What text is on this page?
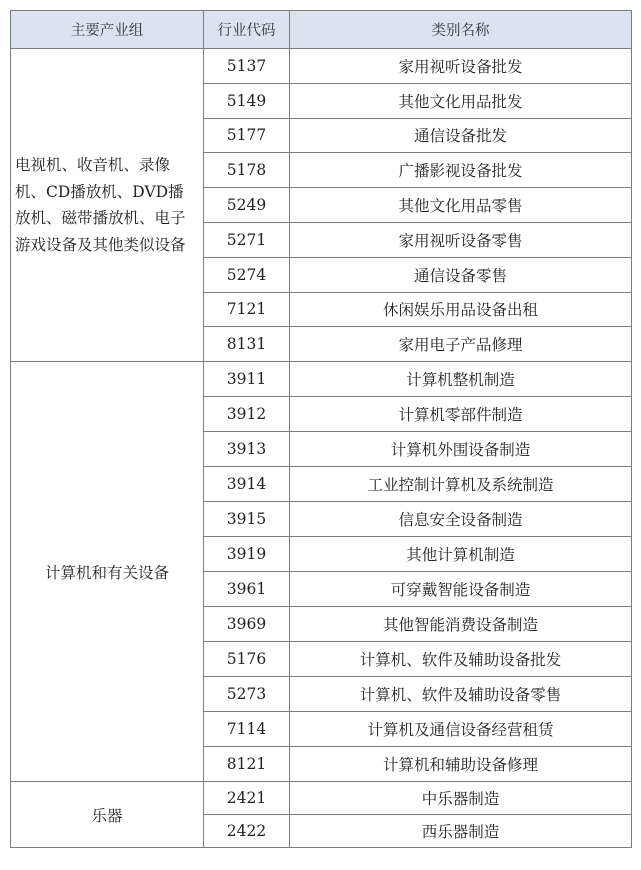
主要产业组	行业代码	类别名称
电视机、收音机、录像机、CD播放机、DVD播放机、磁带播放机、电子游戏设备及其他类似设备	5137	家用视听设备批发
	5149	其他文化用品批发
	5177	通信设备批发
	5178	广播影视设备批发
	5249	其他文化用品零售
	5271	家用视听设备零售
	5274	通信设备零售
	7121	休闲娱乐用品设备出租
	8131	家用电子产品修理
计算机和有关设备	3911	计算机整机制造
	3912	计算机零部件制造
	3913	计算机外围设备制造
	3914	工业控制计算机及系统制造
	3915	信息安全设备制造
	3919	其他计算机制造
	3961	可穿戴智能设备制造
	3969	其他智能消费设备制造
	5176	计算机、软件及辅助设备批发
	5273	计算机、软件及辅助设备零售
	7114	计算机及通信设备经营租赁
	8121	计算机和辅助设备修理
乐器	2421	中乐器制造
	2422	西乐器制造
